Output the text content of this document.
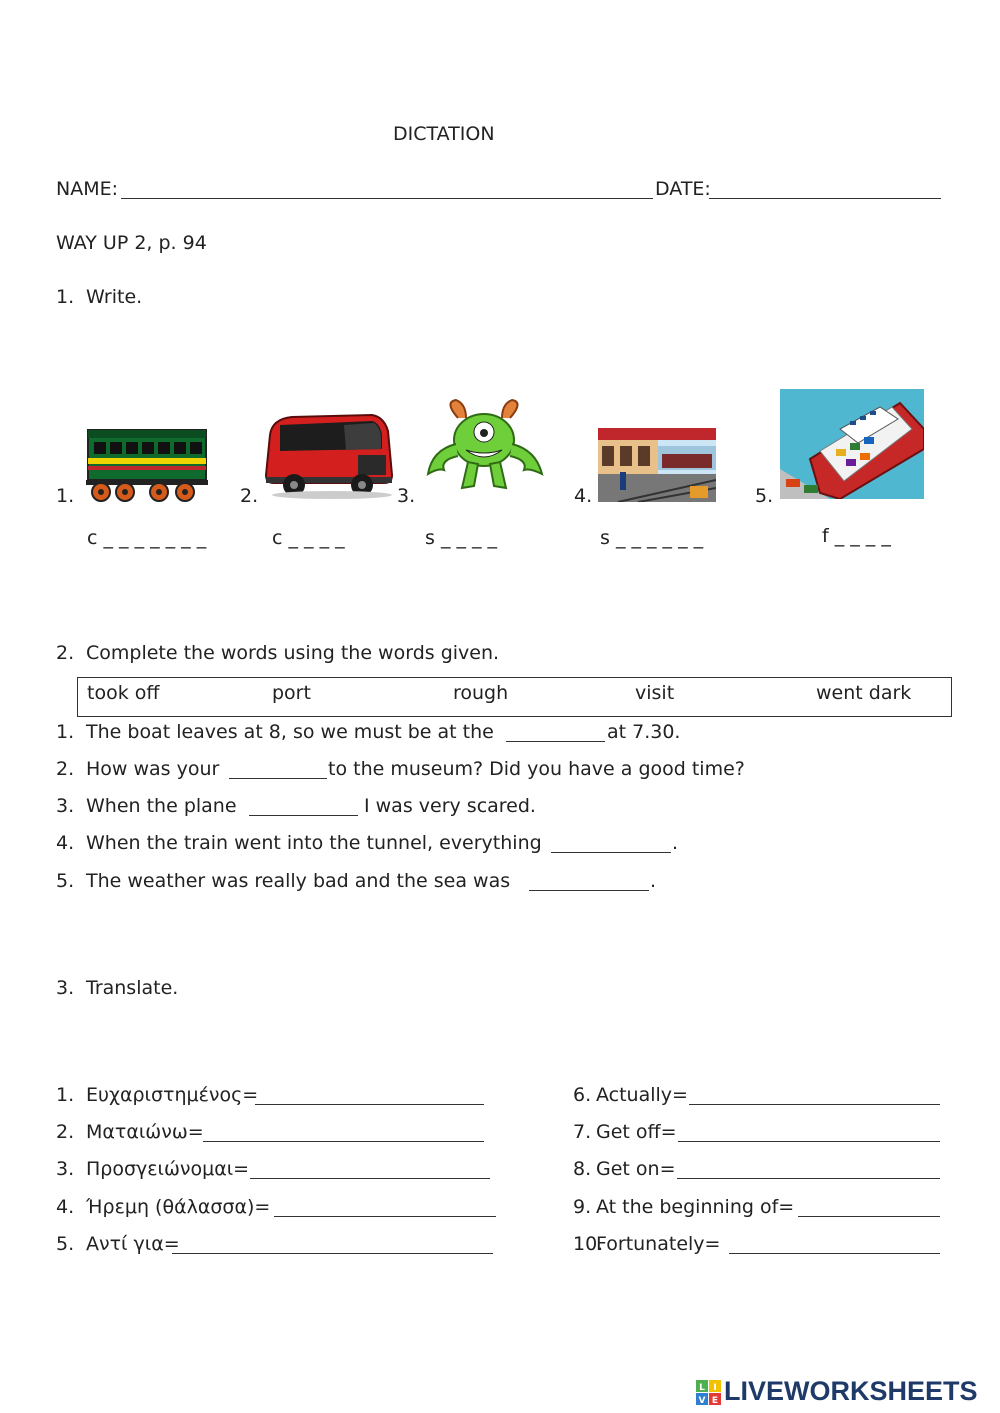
DICTATION
NAME:	DATE:
WAY UP 2, p. 94
1. Write.
1.	2.	3.	4.	5.
c _ _ _ _ _ _ _	c _ _ _ _	s _ _ _ _	s _ _ _ _ _ _	f _ _ _ _
2. Complete the words using the words given.
took off	port	rough	visit	went dark
1. The boat leaves at 8, so we must be at the	at 7.30.
2. How was your	to the museum? Did you have a good time?
3. When the plane	I was very scared.
4. When the train went into the tunnel, everything	.
5. The weather was really bad and the sea was	.
3. Translate.
1. Ευχαριστημένος=
2. Ματαιώνω=
3. Προσγειώνομαι=
4. Ήρεμη (θάλασσα)=
5. Αντί για=
6. Actually=
7. Get off=
8. Get on=
9. At the beginning of=
10.
Fortunately=
L I
V E LIVEWORKSHEETS
